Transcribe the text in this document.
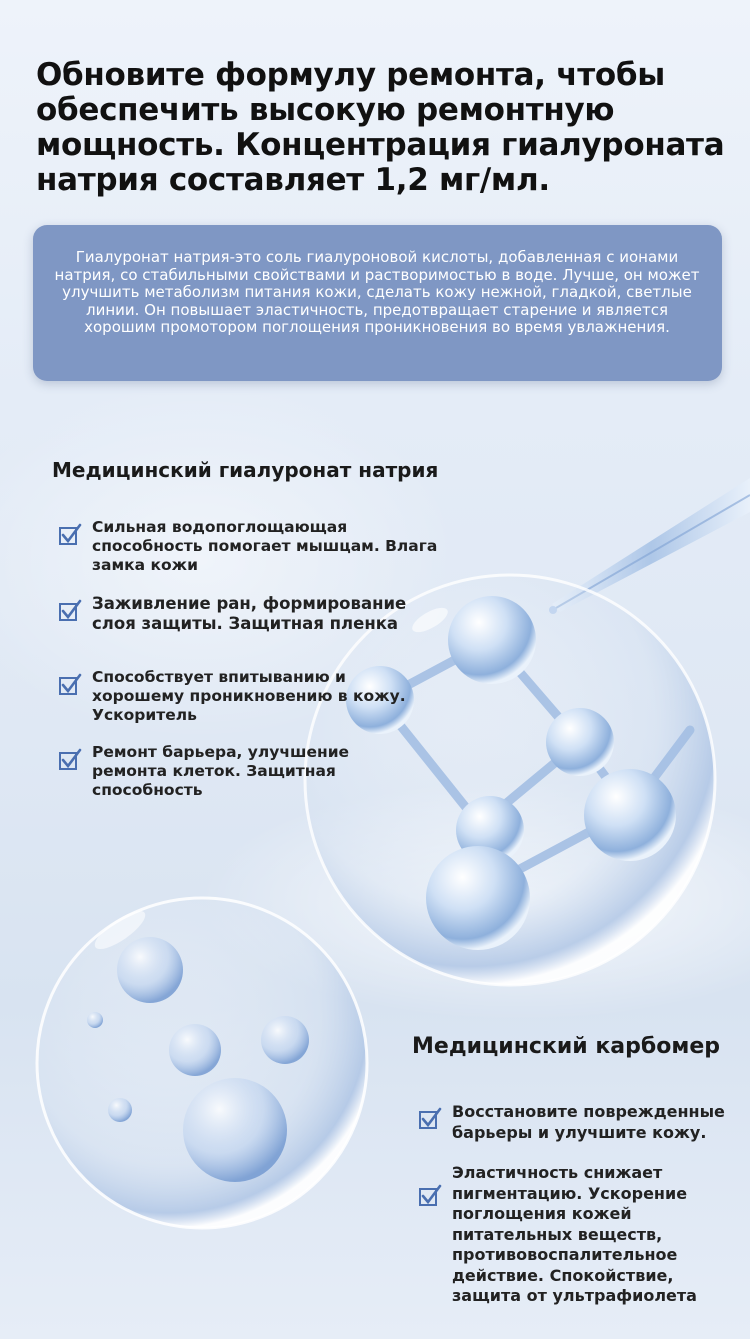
Обновите формулу ремонта, чтобы обеспечить высокую ремонтную мощность. Концентрация гиалуроната натрия составляет 1,2 мг/мл.
Гиалуронат натрия-это соль гиалуроновой кислоты, добавленная с ионами натрия, со стабильными свойствами и растворимостью в воде. Лучше, он может улучшить метаболизм питания кожи, сделать кожу нежной, гладкой, светлые линии. Он повышает эластичность, предотвращает старение и является хорошим промотором поглощения проникновения во время увлажнения.
Медицинский гиалуронат натрия
Сильная водопоглощающая способность помогает мышцам. Влага замка кожи
Заживление ран, формирование слоя защиты. Защитная пленка
Способствует впитыванию и хорошему проникновению в кожу. Ускоритель
Ремонт барьера, улучшение ремонта клеток. Защитная способность
Медицинский карбомер
Восстановите поврежденные барьеры и улучшите кожу.
Эластичность снижает пигментацию. Ускорение поглощения кожей питательных веществ, противовоспалительное действие. Спокойствие, защита от ультрафиолета
